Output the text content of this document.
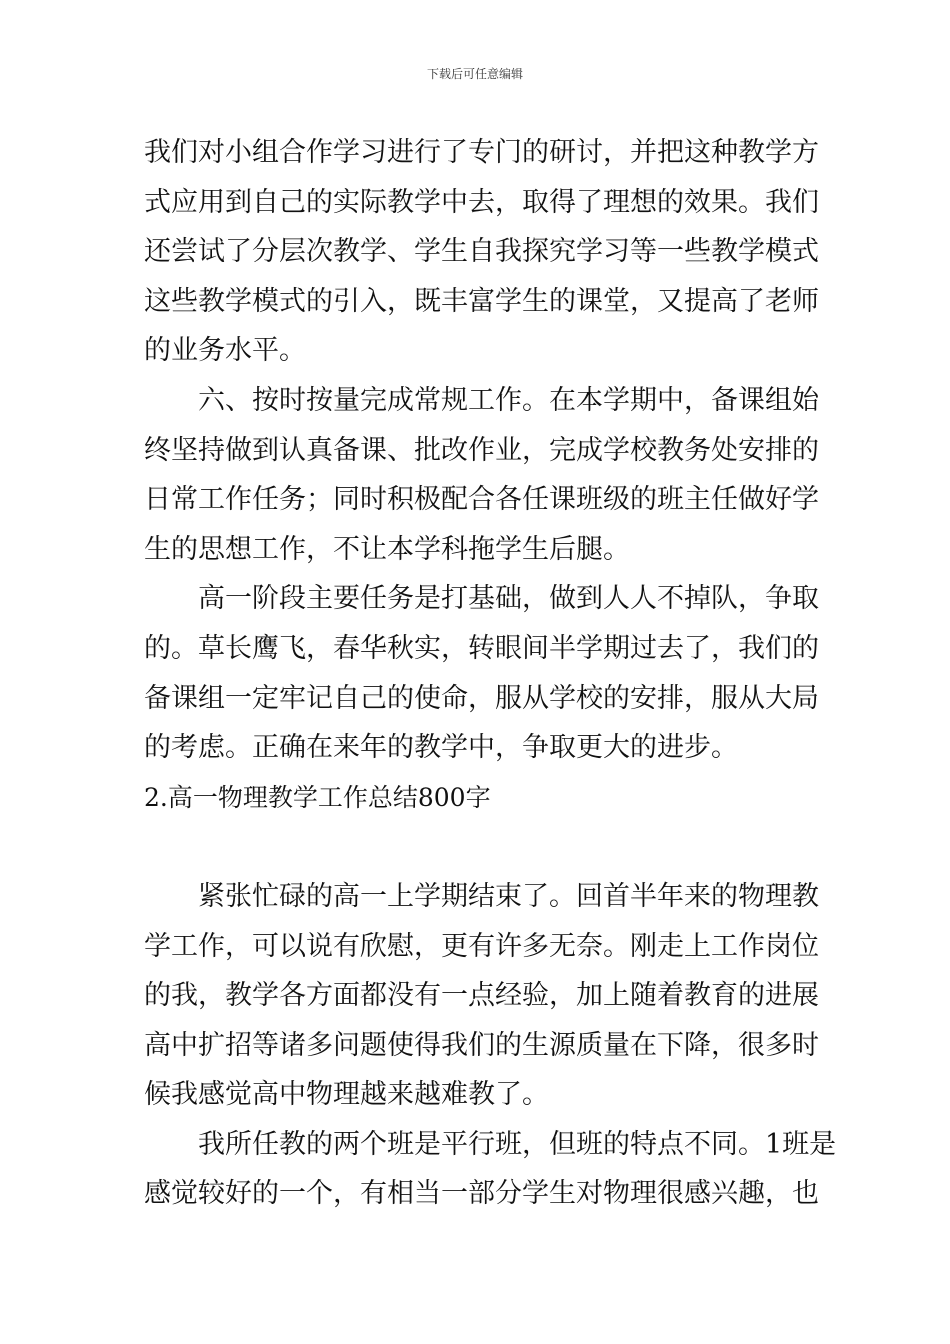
下载后可任意编辑
我们对小组合作学习进行了专门的研讨，并把这种教学方
式应用到自己的实际教学中去，取得了理想的效果。我们
还尝试了分层次教学、学生自我探究学习等一些教学模式
这些教学模式的引入，既丰富学生的课堂，又提高了老师
的业务水平。
六、按时按量完成常规工作。在本学期中，备课组始
终坚持做到认真备课、批改作业，完成学校教务处安排的
日常工作任务；同时积极配合各任课班级的班主任做好学
生的思想工作，不让本学科拖学生后腿。
高一阶段主要任务是打基础，做到人人不掉队，争取
的。草长鹰飞，春华秋实，转眼间半学期过去了，我们的
备课组一定牢记自己的使命，服从学校的安排，服从大局
的考虑。正确在来年的教学中，争取更大的进步。
2.高一物理教学工作总结800字
紧张忙碌的高一上学期结束了。回首半年来的物理教
学工作，可以说有欣慰，更有许多无奈。刚走上工作岗位
的我，教学各方面都没有一点经验，加上随着教育的进展
高中扩招等诸多问题使得我们的生源质量在下降，很多时
候我感觉高中物理越来越难教了。
我所任教的两个班是平行班，但班的特点不同。1班是
感觉较好的一个，有相当一部分学生对物理很感兴趣，也
